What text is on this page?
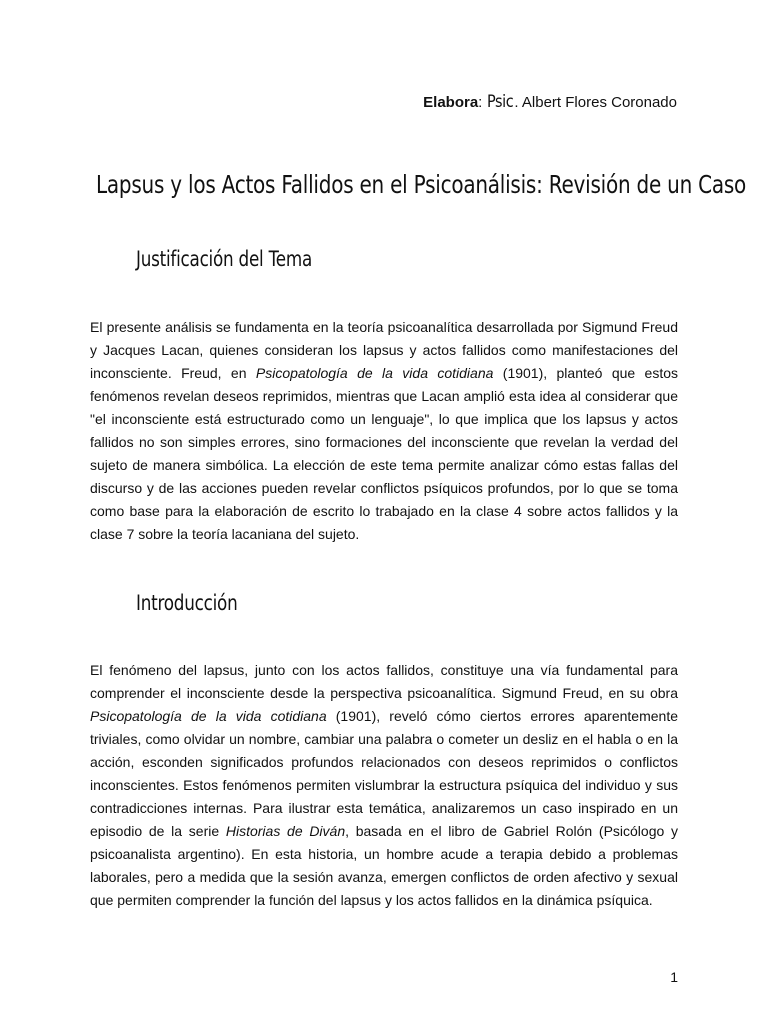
Elabora: Psic . Albert Flores Coronado
Lapsus y los Actos Fallidos en el Psicoanálisis: Revisión de un Caso
Justificación del Tema

El presente análisis se fundamenta en la teoría psicoanalítica desarrollada por Sigmund Freud y Jacques Lacan, quienes consideran los lapsus y actos fallidos como manifestaciones del inconsciente. Freud, en Psicopatología de la vida cotidiana (1901), planteó que estos fenómenos revelan deseos reprimidos, mientras que Lacan amplió esta idea al considerar que "el inconsciente está estructurado como un lenguaje", lo que implica que los lapsus y actos fallidos no son simples errores, sino formaciones del inconsciente que revelan la verdad del sujeto de manera simbólica. La elección de este tema permite analizar cómo estas fallas del discurso y de las acciones pueden revelar conflictos psíquicos profundos, por lo que se toma como base para la elaboración de escrito lo trabajado en la clase 4 sobre actos fallidos y la clase 7 sobre la teoría lacaniana del sujeto.

Introducción

El fenómeno del lapsus, junto con los actos fallidos, constituye una vía fundamental para comprender el inconsciente desde la perspectiva psicoanalítica. Sigmund Freud, en su obra Psicopatología de la vida cotidiana (1901), reveló cómo ciertos errores aparentemente triviales, como olvidar un nombre, cambiar una palabra o cometer un desliz en el habla o en la acción, esconden significados profundos relacionados con deseos reprimidos o conflictos inconscientes. Estos fenómenos permiten vislumbrar la estructura psíquica del individuo y sus contradicciones internas. Para ilustrar esta temática, analizaremos un caso inspirado en un episodio de la serie Historias de Diván, basada en el libro de Gabriel Rolón (Psicólogo y psicoanalista argentino). En esta historia, un hombre acude a terapia debido a problemas laborales, pero a medida que la sesión avanza, emergen conflictos de orden afectivo y sexual que permiten comprender la función del lapsus y los actos fallidos en la dinámica psíquica.

1
